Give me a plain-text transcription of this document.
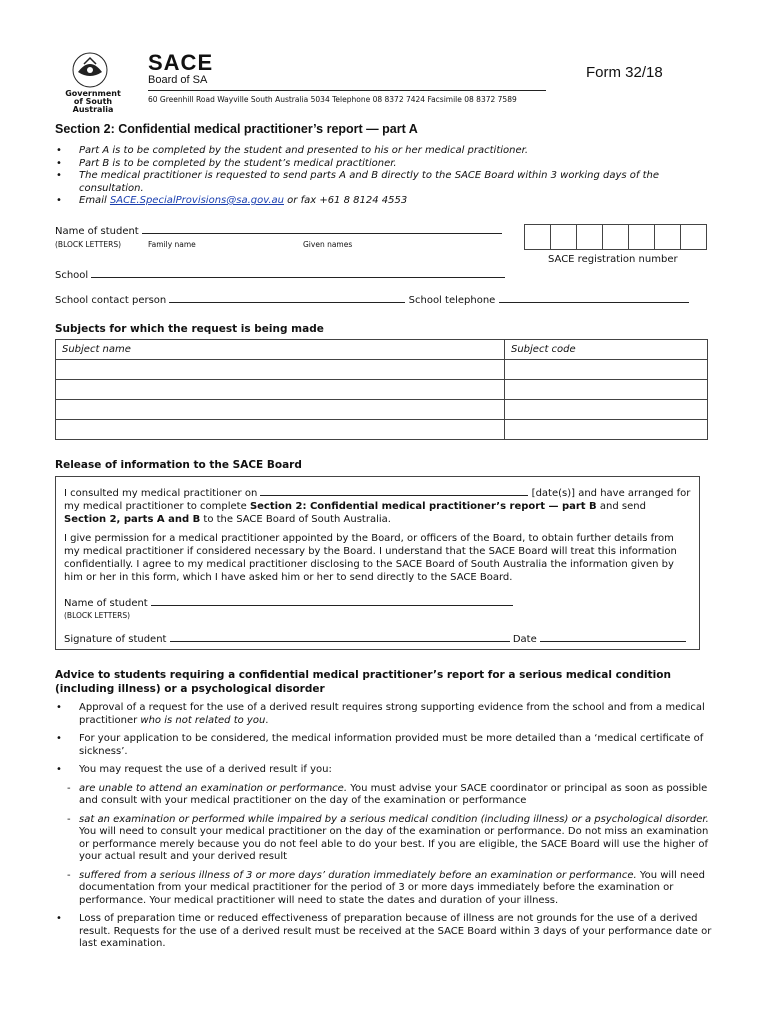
Government
of South Australia
SACE
Board of SA
60 Greenhill Road Wayville South Australia 5034 Telephone 08 8372 7424 Facsimile 08 8372 7589
Form 32/18
Section 2: Confidential medical practitioner’s report — part A
• Part A is to be completed by the student and presented to his or her medical practitioner.
• Part B is to be completed by the student’s medical practitioner.
• The medical practitioner is requested to send parts A and B directly to the SACE Board within 3 working days of the consultation.
• Email SACE.SpecialProvisions@sa.gov.au or fax +61 8 8124 4553
Name of student
(BLOCK LETTERS)	Family name	Given names
SACE registration number
School
School contact person	School telephone
Subjects for which the request is being made
Subject name	Subject code

Release of information to the SACE Board

I consulted my medical practitioner on	[date(s)] and have arranged for my medical practitioner to complete Section 2: Confidential medical practitioner’s report — part B and send Section 2, parts A and B to the SACE Board of South Australia.

I give permission for a medical practitioner appointed by the Board, or officers of the Board, to obtain further details from my medical practitioner if considered necessary by the Board. I understand that the SACE Board will treat this information confidentially. I agree to my medical practitioner disclosing to the SACE Board of South Australia the information given by him or her in this form, which I have asked him or her to send directly to the SACE Board.

Name of student

(BLOCK LETTERS)

Signature of student	Date

Advice to students requiring a confidential medical practitioner’s report for a serious medical condition (including illness) or a psychological disorder
• Approval of a request for the use of a derived result requires strong supporting evidence from the school and from a medical practitioner who is not related to you.
• For your application to be considered, the medical information provided must be more detailed than a ‘medical certificate of sickness’.
• You may request the use of a derived result if you:
- are unable to attend an examination or performance. You must advise your SACE coordinator or principal as soon as possible and consult with your medical practitioner on the day of the examination or performance
- sat an examination or performed while impaired by a serious medical condition (including illness) or a psychological disorder. You will need to consult your medical practitioner on the day of the examination or performance. Do not miss an examination or performance merely because you do not feel able to do your best. If you are eligible, the SACE Board will use the higher of your actual result and your derived result
- suffered from a serious illness of 3 or more days’ duration immediately before an examination or performance. You will need documentation from your medical practitioner for the period of 3 or more days immediately before the examination or performance. Your medical practitioner will need to state the dates and duration of your illness.
• Loss of preparation time or reduced effectiveness of preparation because of illness are not grounds for the use of a derived result. Requests for the use of a derived result must be received at the SACE Board within 3 days of your performance date or last examination.
